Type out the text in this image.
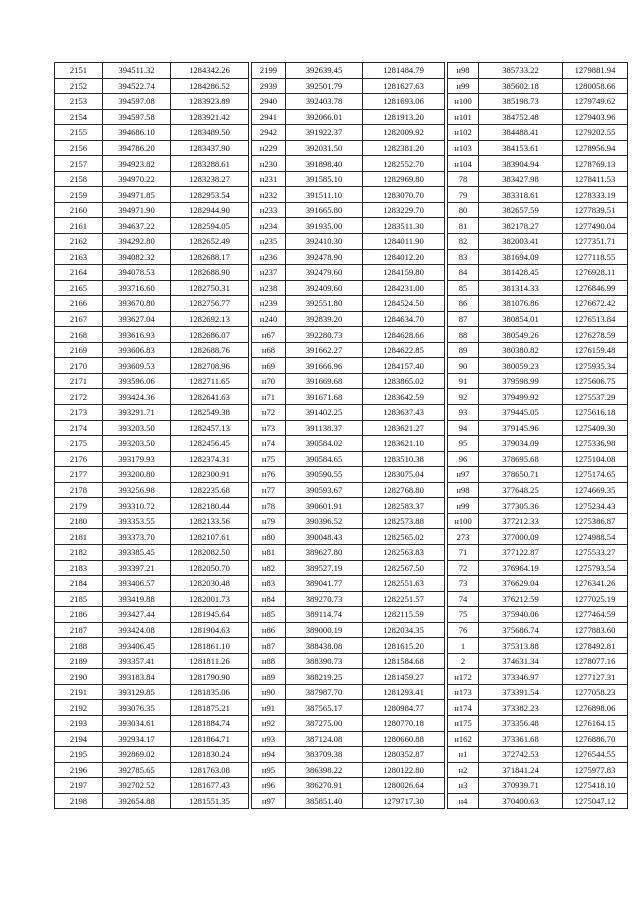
2151	394511.32	1284342.26
2152	394522.74	1284286.52
2153	394597.08	1283923.89
2154	394597.58	1283921.42
2155	394686.10	1283489.50
2156	394786.20	1283437.90
2157	394923.82	1283288.61
2158	394970.22	1283238.27
2159	394971.85	1282953.54
2160	394971.90	1282944.90
2161	394637.22	1282594.05
2162	394292.80	1282652.49
2163	394082.32	1282688.17
2164	394078.53	1282688.90
2165	393716.60	1282750.31
2166	393670.80	1282756.77
2167	393627.04	1282692.13
2168	393616.93	1282686.07
2169	393606.83	1282688.76
2170	393609.53	1282708.96
2171	393596.06	1282711.65
2172	393424.36	1282641.63
2173	393291.71	1282549.38
2174	393203.50	1282457.13
2175	393203.50	1282456.45
2176	393179.93	1282374.31
2177	393200.80	1282300.91
2178	393256.98	1282235.68
2179	393310.72	1282180.44
2180	393353.55	1282133.56
2181	393373.70	1282107.61
2182	393385.45	1282082.50
2183	393397.21	1282050.70
2184	393406.57	1282030.48
2185	393419.88	1282001.73
2186	393427.44	1281945.64
2187	393424.08	1281904.63
2188	393406.45	1281861.10
2189	393357.41	1281811.26
2190	393183.84	1281790.90
2191	393129.85	1281835.06
2192	393076.35	1281875.21
2193	393034.61	1281884.74
2194	392934.17	1281864.71
2195	392869.02	1281830.24
2196	392785.65	1281763.08
2197	392702.52	1281677.43
2198	392654.88	1281551.35
2199	392639.45	1281484.79
2939	392501.79	1281627.63
2940	392403.78	1281693.06
2941	392066.01	1281913.20
2942	391922.37	1282009.92
н229	392031.50	1282381.20
н230	391898.40	1282552.70
н231	391585.10	1282969.80
н232	391511.10	1283070.70
н233	391665.80	1283229.70
н234	391935.00	1283511.30
н235	392410.30	1284011.90
н236	392478.90	1284012.20
н237	392479.60	1284159.80
н238	392409.60	1284231.00
н239	392551.80	1284524.50
н240	392839.20	1284634.70
н67	392280.73	1284628.66
н68	391662.27	1284622.85
н69	391666.96	1284157.40
н70	391669.68	1283865.02
н71	391671.68	1283642.59
н72	391402.25	1283637.43
н73	391138.37	1283621.27
н74	390584.02	1283621.10
н75	390584.65	1283510.38
н76	390590.55	1283075.04
н77	390593.67	1282768.80
н78	390601.91	1282583.37
н79	390396.52	1282573.88
н80	390048.43	1282565.02
н81	389627.80	1282563.83
н82	389527.19	1282567.50
н83	389041.77	1282551.63
н84	389270.73	1282251.57
н85	389114.74	1282115.59
н86	389000.19	1282034.35
н87	388438.08	1281615.20
н88	388390.73	1281584.68
н89	388219.25	1281459.27
н90	387987.70	1281293.41
н91	387565.17	1280984.77
н92	387275.00	1280770.18
н93	387124.08	1280660.88
н94	383709.38	1280352.87
н95	386398.22	1280122.80
н96	386270.91	1280026.64
н97	385851.40	1279717.30
н98	385733.22	1279881.94
н99	385602.18	1280058.66
н100	385198.73	1279749.62
н101	384752.48	1279403.96
н102	384488.41	1279202.55
н103	384153.61	1278956.94
н104	383904.94	1278769.13
78	383427.98	1278411.53
79	383318.61	1278333.19
80	382657.59	1277839.51
81	382178.27	1277490.04
82	382003.41	1277351.71
83	381694.09	1277118.55
84	381428.45	1276928.11
85	381314.33	1276846.99
86	381076.86	1276672.42
87	380854.01	1276513.84
88	380549.26	1276278.59
89	380380.82	1276159.48
90	380059.23	1275935.34
91	379598.99	1275606.75
92	379499.92	1275537.29
93	379445.05	1275616.18
94	379145.96	1275409.30
95	379034.09	1275336.98
96	378695.68	1275104.08
н97	378650.71	1275174.65
н98	377648.25	1274669.35
н99	377305.36	1275234.43
н100	377212.33	1275386.87
273	377000.09	1274988.54
71	377122.87	1275533.27
72	376964.19	1275793.54
73	376629.04	1276341.26
74	376212.59	1277025.19
75	375940.06	1277464.59
76	375686.74	1277883.60
1	375313.88	1278492.81
2	374631.34	1278077.16
н172	373346.97	1277127.31
н173	373391.54	1277058.23
н174	373382.23	1276898.06
н175	373356.48	1276164.15
н162	373361.68	1276886.70
н1	372742.53	1276544.55
н2	371841.24	1275977.83
н3	370939.71	1275418.10
н4	370400.63	1275047.12
